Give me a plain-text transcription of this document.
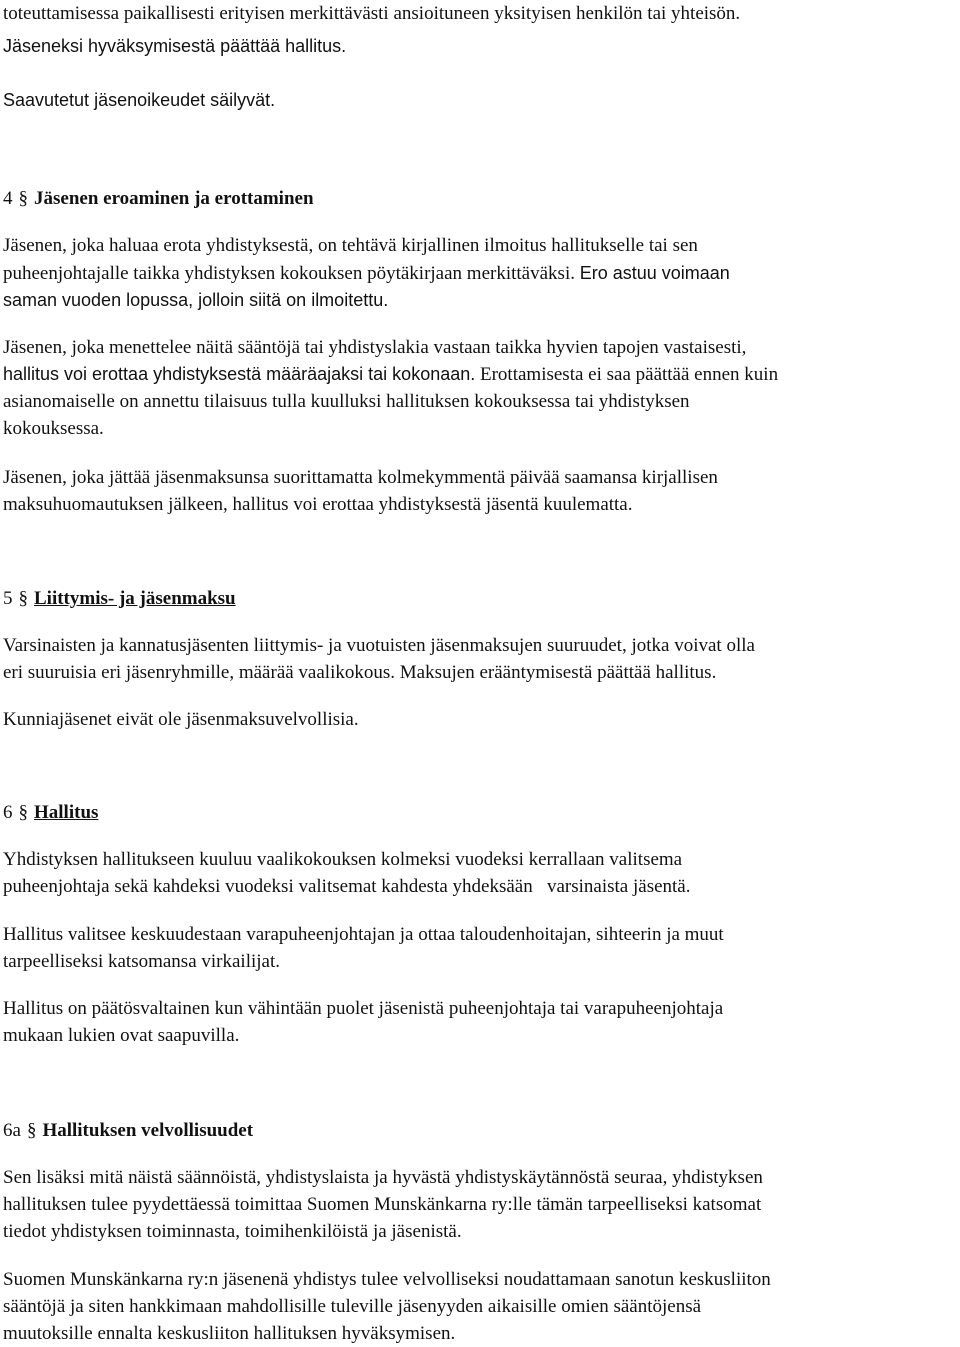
toteuttamisessa paikallisesti erityisen merkittävästi ansioituneen yksityisen henkilön tai yhteisön.

Jäseneksi hyväksymisestä päättää hallitus.

Saavutetut jäsenoikeudet säilyvät.

4 § Jäsenen eroaminen ja erottaminen

Jäsenen, joka haluaa erota yhdistyksestä, on tehtävä kirjallinen ilmoitus hallitukselle tai sen

puheenjohtajalle taikka yhdistyksen kokouksen pöytäkirjaan merkittäväksi. Ero astuu voimaan

saman vuoden lopussa, jolloin siitä on ilmoitettu.

Jäsenen, joka menettelee näitä sääntöjä tai yhdistyslakia vastaan taikka hyvien tapojen vastaisesti,

hallitus voi erottaa yhdistyksestä määräajaksi tai kokonaan. Erottamisesta ei saa päättää ennen kuin

asianomaiselle on annettu tilaisuus tulla kuulluksi hallituksen kokouksessa tai yhdistyksen

kokouksessa.

Jäsenen, joka jättää jäsenmaksunsa suorittamatta kolmekymmentä päivää saamansa kirjallisen

maksuhuomautuksen jälkeen, hallitus voi erottaa yhdistyksestä jäsentä kuulematta.

5 § Liittymis- ja jäsenmaksu

Varsinaisten ja kannatusjäsenten liittymis- ja vuotuisten jäsenmaksujen suuruudet, jotka voivat olla

eri suuruisia eri jäsenryhmille, määrää vaalikokous. Maksujen erääntymisestä päättää hallitus.

Kunniajäsenet eivät ole jäsenmaksuvelvollisia.

6 § Hallitus

Yhdistyksen hallitukseen kuuluu vaalikokouksen kolmeksi vuodeksi kerrallaan valitsema

puheenjohtaja sekä kahdeksi vuodeksi valitsemat kahdesta yhdeksään   varsinaista jäsentä.

Hallitus valitsee keskuudestaan varapuheenjohtajan ja ottaa taloudenhoitajan, sihteerin ja muut

tarpeelliseksi katsomansa virkailijat.

Hallitus on päätösvaltainen kun vähintään puolet jäsenistä puheenjohtaja tai varapuheenjohtaja

mukaan lukien ovat saapuvilla.

6a § Hallituksen velvollisuudet

Sen lisäksi mitä näistä säännöistä, yhdistyslaista ja hyvästä yhdistyskäytännöstä seuraa, yhdistyksen

hallituksen tulee pyydettäessä toimittaa Suomen Munskänkarna ry:lle tämän tarpeelliseksi katsomat

tiedot yhdistyksen toiminnasta, toimihenkilöistä ja jäsenistä.

Suomen Munskänkarna ry:n jäsenenä yhdistys tulee velvolliseksi noudattamaan sanotun keskusliiton

sääntöjä ja siten hankkimaan mahdollisille tuleville jäsenyyden aikaisille omien sääntöjensä

muutoksille ennalta keskusliiton hallituksen hyväksymisen.
